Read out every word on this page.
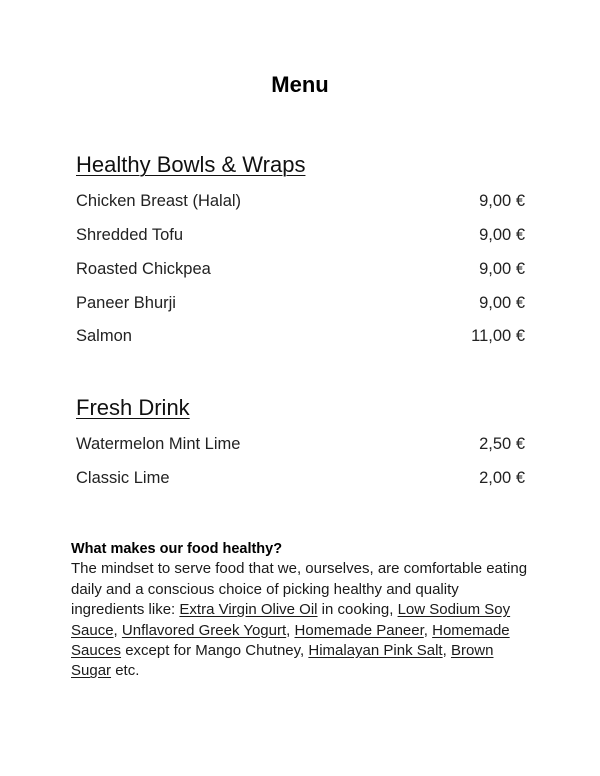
Menu
Healthy Bowls & Wraps
Chicken Breast (Halal)	9,00 €
Shredded Tofu	9,00 €
Roasted Chickpea	9,00 €
Paneer Bhurji	9,00 €
Salmon	11,00 €
Fresh Drink
Watermelon Mint Lime	2,50 €
Classic Lime	2,00 €

What makes our food healthy?

The mindset to serve food that we, ourselves, are comfortable eating daily and a conscious choice of picking healthy and quality ingredients like: Extra Virgin Olive Oil in cooking, Low Sodium Soy Sauce, Unflavored Greek Yogurt, Homemade Paneer, Homemade Sauces except for Mango Chutney, Himalayan Pink Salt, Brown Sugar etc.
